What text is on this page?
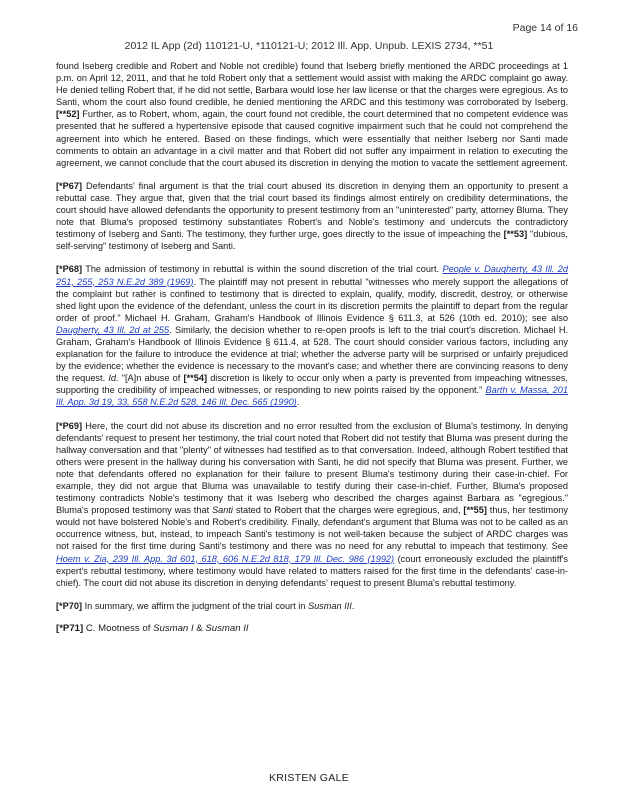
Page 14 of 16
2012 IL App (2d) 110121-U, *110121-U; 2012 Ill. App. Unpub. LEXIS 2734, **51

found Iseberg credible and Robert and Noble not credible) found that Iseberg briefly mentioned the ARDC proceedings at 1 p.m. on April 12, 2011, and that he told Robert only that a settlement would assist with making the ARDC complaint go away. He denied telling Robert that, if he did not settle, Barbara would lose her law license or that the charges were egregious. As to Santi, whom the court also found credible, he denied mentioning the ARDC and this testimony was corroborated by Iseberg. [**52] Further, as to Robert, whom, again, the court found not credible, the court determined that no competent evidence was presented that he suffered a hypertensive episode that caused cognitive impairment such that he could not comprehend the agreement into which he entered. Based on these findings, which were essentially that neither Iseberg nor Santi made comments to obtain an advantage in a civil matter and that Robert did not suffer any impairment in relation to executing the agreement, we cannot conclude that the court abused its discretion in denying the motion to vacate the settlement agreement.

[*P67] Defendants' final argument is that the trial court abused its discretion in denying them an opportunity to present a rebuttal case. They argue that, given that the trial court based its findings almost entirely on credibility determinations, the court should have allowed defendants the opportunity to present testimony from an "uninterested" party, attorney Bluma. They note that Bluma's proposed testimony substantiates Robert's and Noble's testimony and undercuts the contradictory testimony of Iseberg and Santi. The testimony, they further urge, goes directly to the issue of impeaching the [**53] "dubious, self-serving" testimony of Iseberg and Santi.

[*P68] The admission of testimony in rebuttal is within the sound discretion of the trial court. People v. Daugherty, 43 Ill. 2d 251, 255, 253 N.E.2d 389 (1969). The plaintiff may not present in rebuttal "witnesses who merely support the allegations of the complaint but rather is confined to testimony that is directed to explain, qualify, modify, discredit, destroy, or otherwise shed light upon the evidence of the defendant, unless the court in its discretion permits the plaintiff to depart from the regular order of proof." Michael H. Graham, Graham's Handbook of Illinois Evidence § 611.3, at 526 (10th ed. 2010); see also Daugherty, 43 Ill. 2d at 255. Similarly, the decision whether to re-open proofs is left to the trial court's discretion. Michael H. Graham, Graham's Handbook of Illinois Evidence § 611.4, at 528. The court should consider various factors, including any explanation for the failure to introduce the evidence at trial; whether the adverse party will be surprised or unfairly prejudiced by the evidence; whether the evidence is necessary to the movant's case; and whether there are convincing reasons to deny the request. Id. "[A]n abuse of [**54] discretion is likely to occur only when a party is prevented from impeaching witnesses, supporting the credibility of impeached witnesses, or responding to new points raised by the opponent." Barth v. Massa, 201 Ill. App. 3d 19, 33, 558 N.E.2d 528, 146 Ill. Dec. 565 (1990).

[*P69] Here, the court did not abuse its discretion and no error resulted from the exclusion of Bluma's testimony. In denying defendants' request to present her testimony, the trial court noted that Robert did not testify that Bluma was present during the hallway conversation and that "plenty" of witnesses had testified as to that conversation. Indeed, although Robert testified that others were present in the hallway during his conversation with Santi, he did not specify that Bluma was present. Further, we note that defendants offered no explanation for their failure to present Bluma's testimony during their case-in-chief. For example, they did not argue that Bluma was unavailable to testify during their case-in-chief. Further, Bluma's proposed testimony contradicts Noble's testimony that it was Iseberg who described the charges against Barbara as "egregious." Bluma's proposed testimony was that Santi stated to Robert that the charges were egregious, and, [**55] thus, her testimony would not have bolstered Noble's and Robert's credibility. Finally, defendant's argument that Bluma was not to be called as an occurrence witness, but, instead, to impeach Santi's testimony is not well-taken because the subject of ARDC charges was not raised for the first time during Santi's testimony and there was no need for any rebuttal to impeach that testimony. See Hoem v. Zia, 239 Ill. App. 3d 601, 618, 606 N.E.2d 818, 179 Ill. Dec. 986 (1992) (court erroneously excluded the plaintiff's expert's rebuttal testimony, where testimony would have related to matters raised for the first time in the defendants' case-in-chief). The court did not abuse its discretion in denying defendants' request to present Bluma's rebuttal testimony.

[*P70] In summary, we affirm the judgment of the trial court in Susman III.

[*P71] C. Mootness of Susman I & Susman II

KRISTEN GALE
